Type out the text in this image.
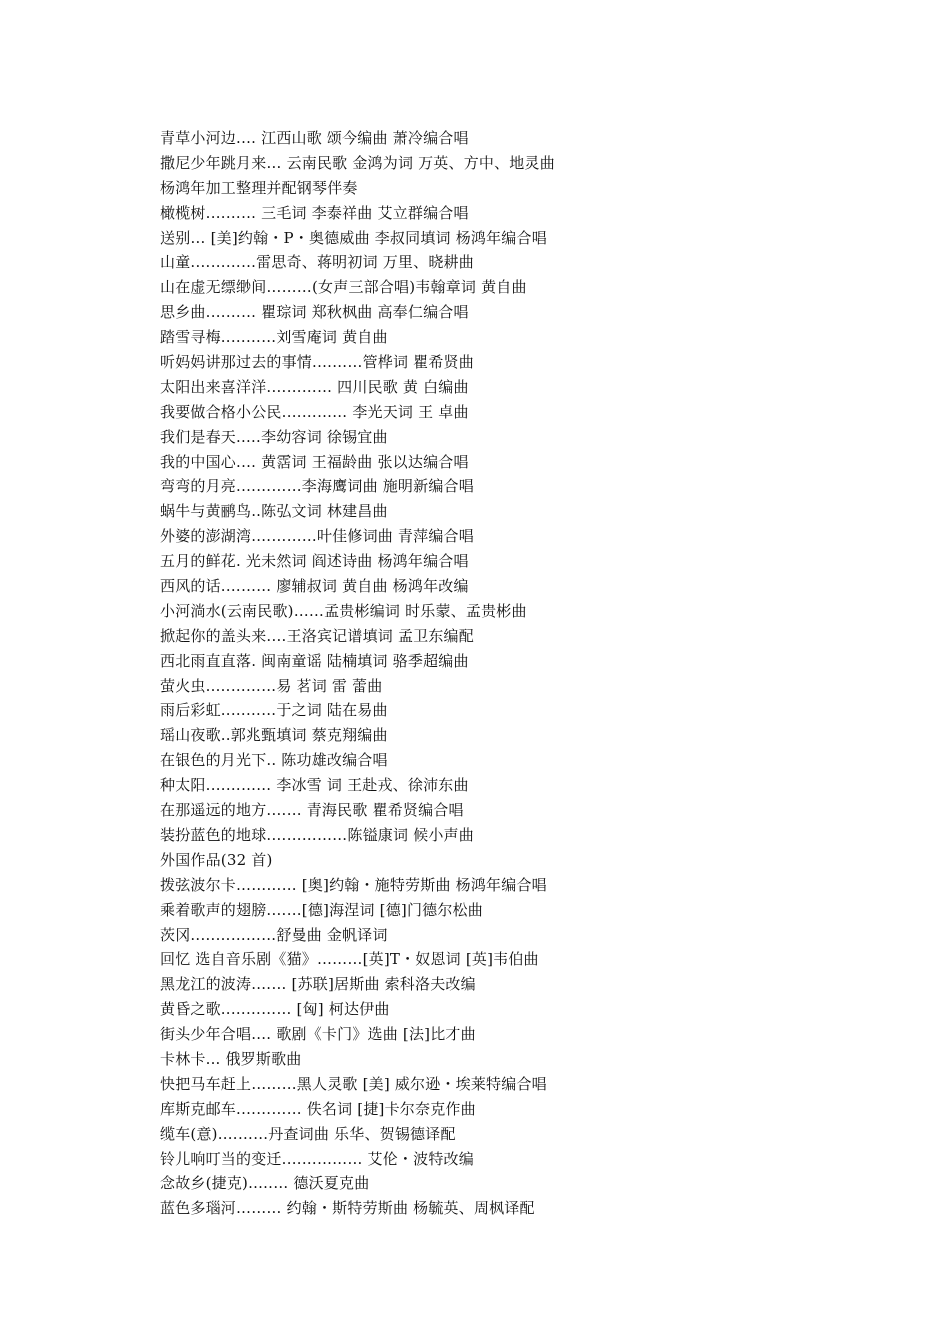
青草小河边.… 江西山歌 颂今编曲 萧冷编合唱
撒尼少年跳月来… 云南民歌 金鸿为词 万英、方中、地灵曲
杨鸿年加工整理并配钢琴伴奏
橄榄树.……… 三毛词 李泰祥曲 艾立群编合唱
送别… [美]约翰・P・奥德威曲 李叔同填词 杨鸿年编合唱
山童.…………雷思奇、蒋明初词 万里、晓耕曲
山在虚无缥缈间………(女声三部合唱)韦翰章词 黄自曲
思乡曲.……… 瞿琮词 郑秋枫曲 高奉仁编合唱
踏雪寻梅..………刘雪庵词 黄自曲
听妈妈讲那过去的事情.………管桦词 瞿希贤曲
太阳出来喜洋洋.………… 四川民歌 黄 白编曲
我要做合格小公民.………… 李光天词 王 卓曲
我们是春天..…李幼容词 徐锡宜曲
我的中国心.… 黄霑词 王福龄曲 张以达编合唱
弯弯的月亮.…………李海鹰词曲 施明新编合唱
蜗牛与黄鹂鸟..陈弘文词 林建昌曲
外婆的澎湖湾.…………叶佳修词曲 青萍编合唱
五月的鲜花. 光未然词 阎述诗曲 杨鸿年编合唱
西风的话.……… 廖辅叔词 黄自曲 杨鸿年改编
小河淌水(云南民歌)……孟贵彬编词 时乐蒙、孟贵彬曲
掀起你的盖头来.…王洛宾记谱填词 孟卫东编配
西北雨直直落. 闽南童谣 陆楠填词 骆季超编曲
萤火虫..…………易 茗词 雷 蕾曲
雨后彩虹..………于之词 陆在易曲
瑶山夜歌..郭兆甄填词 蔡克翔编曲
在银色的月光下.. 陈功雄改编合唱
种太阳.………… 李冰雪 词 王赴戎、徐沛东曲
在那遥远的地方.…… 青海民歌 瞿希贤编合唱
装扮蓝色的地球.……………陈镒康词 候小声曲
外国作品(32 首)
拨弦波尔卡………… [奥]约翰・施特劳斯曲 杨鸿年编合唱
乘着歌声的翅膀.……[德]海涅词 [德]门德尔松曲
茨冈..……………舒曼曲 金帆译词
回忆 选自音乐剧《猫》………[英]T・奴恩词 [英]韦伯曲
黑龙江的波涛.…… [苏联]居斯曲 索科洛夫改编
黄昏之歌..………… [匈] 柯达伊曲
街头少年合唱.… 歌剧《卡门》选曲 [法]比才曲
卡林卡... 俄罗斯歌曲
快把马车赶上………黑人灵歌 [美] 威尔逊・埃莱特编合唱
库斯克邮车.………… 佚名词 [捷]卡尔奈克作曲
缆车(意).………丹查词曲 乐华、贺锡德译配
铃儿响叮当的变迁.…………… 艾伦・波特改编
念故乡(捷克)..…… 德沃夏克曲
蓝色多瑙河……… 约翰・斯特劳斯曲 杨毓英、周枫译配
